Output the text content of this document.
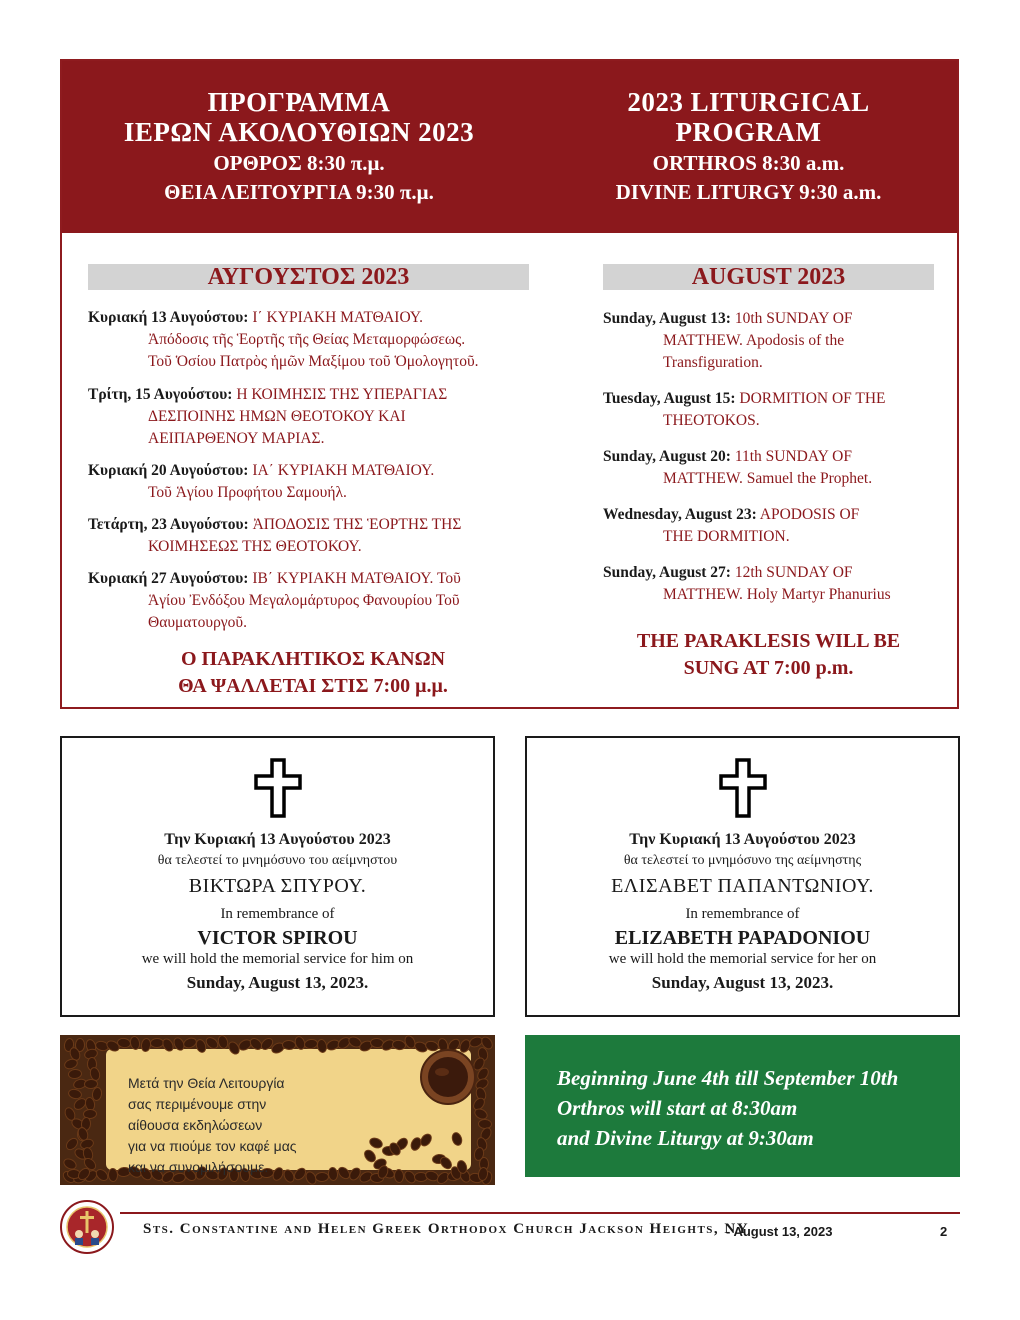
ΠΡΟΓΡΑΜΜΑ
ΙΕΡΩΝ ΑΚΟΛΟΥΘΙΩΝ 2023
ΟΡΘΡΟΣ 8:30 π.μ.
ΘΕΙΑ ΛΕΙΤΟΥΡΓΙΑ 9:30 π.μ.
2023 LITURGICAL
PROGRAM
ORTHROS 8:30 a.m.
DIVINE LITURGY 9:30 a.m.
ΑΥΓΟΥΣΤΟΣ 2023	AUGUST 2023
Κυριακή 13 Αυγούστου: Ι΄ ΚΥΡΙΑΚΗ ΜΑΤΘΑΙΟΥ.
Ἀπόδοσις τῆς Ἑορτῆς τῆς Θείας Μεταμορφώσεως.
Τοῦ Ὁσίου Πατρὸς ἡμῶν Μαξίμου τοῦ Ὁμολογητοῦ.
Τρίτη, 15 Αυγούστου: Η ΚΟΙΜΗΣΙΣ ΤΗΣ ΥΠΕΡΑΓΙΑΣ
ΔΕΣΠΟΙΝΗΣ ΗΜΩΝ ΘΕΟΤΟΚΟΥ ΚΑΙ
ΑΕΙΠΑΡΘΕΝΟΥ ΜΑΡΙΑΣ.
Κυριακή 20 Αυγούστου: ΙΑ΄ ΚΥΡΙΑΚΗ ΜΑΤΘΑΙΟΥ.
Τοῦ Ἁγίου Προφήτου Σαμουήλ.
Τετάρτη, 23 Αυγούστου: ἈΠΟΔΟΣΙΣ ΤΗΣ ἙΟΡΤΗΣ ΤΗΣ
ΚΟΙΜΗΣΕΩΣ ΤΗΣ ΘΕΟΤΟΚΟΥ.
Κυριακή 27 Αυγούστου: ΙΒ΄ ΚΥΡΙΑΚΗ ΜΑΤΘΑΙΟΥ. Τοῦ
Ἁγίου Ἐνδόξου Μεγαλομάρτυρος Φανουρίου Τοῦ
Θαυματουργοῦ.
Ο ΠΑΡΑΚΛΗΤΙΚΟΣ ΚΑΝΩΝ
ΘΑ ΨΑΛΛΕΤΑΙ ΣΤΙΣ 7:00 μ.μ.
Sunday, August 13: 10th SUNDAY OF
MATTHEW. Apodosis of the
Transfiguration.
Tuesday, August 15: DORMITION OF THE
THEOTOKOS.
Sunday, August 20: 11th SUNDAY OF
MATTHEW. Samuel the Prophet.
Wednesday, August 23: APODOSIS OF
THE DORMITION.
Sunday, August 27: 12th SUNDAY OF
MATTHEW. Holy Martyr Phanurius
THE PARAKLESIS WILL BE
SUNG AT 7:00 p.m.
Την Κυριακή 13 Αυγούστου 2023
θα τελεστεί το μνημόσυνο του αείμνηστου
ΒΙΚΤΩΡΑ ΣΠΥΡΟΥ.
In remembrance of
VICTOR SPIROU
we will hold the memorial service for him on
Sunday, August 13, 2023.
Την Κυριακή 13 Αυγούστου 2023
θα τελεστεί το μνημόσυνο της αείμνηστης
ΕΛΙΣΑΒΕΤ ΠΑΠΑΝΤΩΝΙΟΥ.
In remembrance of
ELIZABETH PAPADONIOU
we will hold the memorial service for her on
Sunday, August 13, 2023.
Μετά την Θεία Λειτουργία
σας περιμένουμε στην
αίθουσα εκδηλώσεων
για να πιούμε τον καφέ μας
και να συνομιλήσουμε.
Beginning June 4th till September 10th
Orthros will start at 8:30am
and Divine Liturgy at 9:30am
Sts. Constantine and Helen Greek Orthodox Church Jackson Heights, NY
- August 13, 2023	2
